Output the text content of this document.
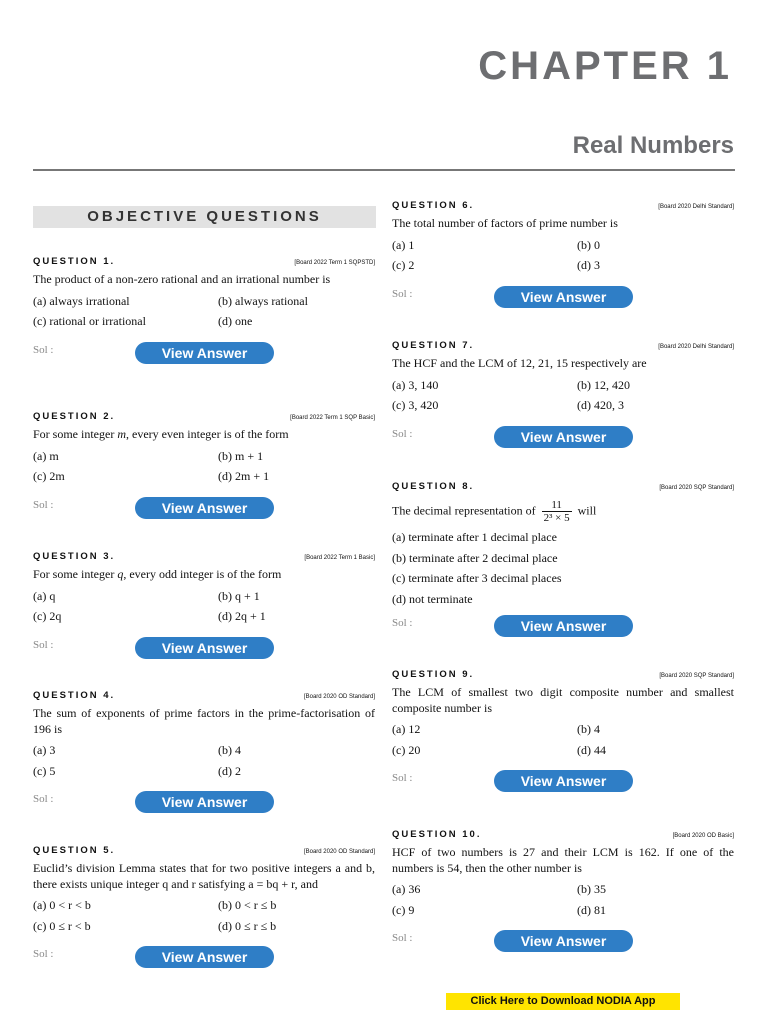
CHAPTER 1
Real Numbers
OBJECTIVE QUESTIONS
QUESTION 1.	[Board 2022 Term 1 SQPSTD]
The product of a non-zero rational and an irrational number is
(a) always irrational	(b) always rational
(c) rational or irrational	(d) one
Sol :	View Answer
QUESTION 2.	[Board 2022 Term 1 SQP Basic]
For some integer m, every even integer is of the form
(a) m	(b) m + 1
(c) 2m	(d) 2m + 1
Sol :	View Answer
QUESTION 3.	[Board 2022 Term 1 Basic]
For some integer q, every odd integer is of the form
(a) q	(b) q + 1
(c) 2q	(d) 2q + 1
Sol :	View Answer
QUESTION 4.	[Board 2020 OD Standard]
The sum of exponents of prime factors in the prime-factorisation of 196 is
(a) 3	(b) 4
(c) 5	(d) 2
Sol :	View Answer
QUESTION 5.	[Board 2020 OD Standard]
Euclid’s division Lemma states that for two positive integers a and b, there exists unique integer q and r satisfying a = bq + r, and
(a) 0 < r < b	(b) 0 < r ≤ b
(c) 0 ≤ r < b	(d) 0 ≤ r ≤ b
Sol :	View Answer
QUESTION 6.	[Board 2020 Delhi Standard]
The total number of factors of prime number is
(a) 1	(b) 0
(c) 2	(d) 3
Sol :	View Answer
QUESTION 7.	[Board 2020 Delhi Standard]
The HCF and the LCM of 12, 21, 15 respectively are
(a) 3, 140	(b) 12, 420
(c) 3, 420	(d) 420, 3
Sol :	View Answer
QUESTION 8.	[Board 2020 SQP Standard]
The decimal representation of $\frac{11}{\text{2³ × 5}}$ will
(a) terminate after 1 decimal place
(b) terminate after 2 decimal place
(c) terminate after 3 decimal places
(d) not terminate
Sol :	View Answer
QUESTION 9.	[Board 2020 SQP Standard]
The LCM of smallest two digit composite number and smallest composite number is
(a) 12	(b) 4
(c) 20	(d) 44
Sol :	View Answer
QUESTION 10.	[Board 2020 OD Basic]
HCF of two numbers is 27 and their LCM is 162. If one of the numbers is 54, then the other number is
(a) 36	(b) 35
(c) 9	(d) 81
Sol :	View Answer
Click Here to Download NODIA App
